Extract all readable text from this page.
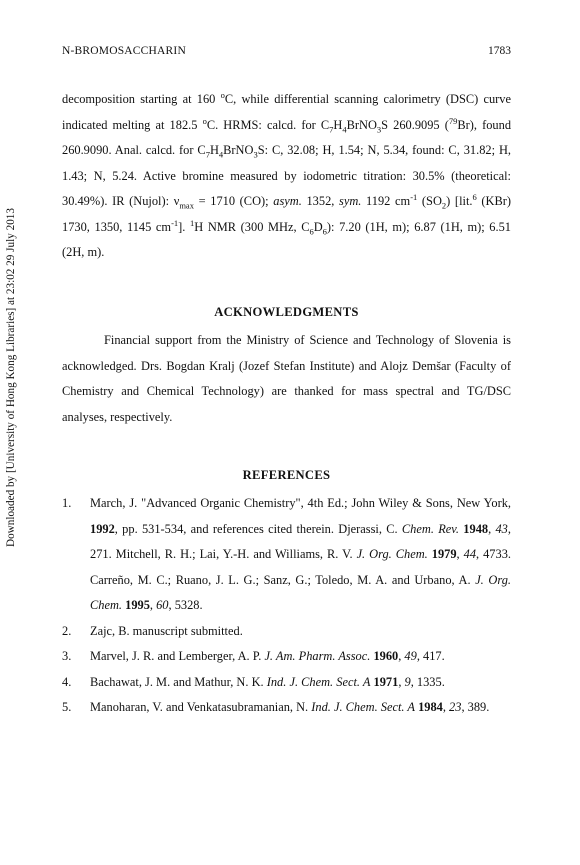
Downloaded by [University of Hong Kong Libraries] at 23:02 29 July 2013
N-BROMOSACCHARIN	1783
decomposition starting at 160 $^o$C, while differential scanning calorimetry (DSC) curve indicated melting at 182.5 $^o$C. HRMS: calcd. for $C_7H_4BrNO_3S$ 260.9095 ($^{79}$Br), found 260.9090. Anal. calcd. for $C_7H_4BrNO_3S$: C, 32.08; H, 1.54; N, 5.34, found: C, 31.82; H, 1.43; N, 5.24. Active bromine measured by iodometric titration: 30.5% (theoretical: 30.49%). IR (Nujol): $\nu_{max} = 1710$ (CO); asym. 1352, sym. 1192 $cm^{-1}$ $(SO_2)$ [lit.$^6$ (KBr) 1730, 1350, 1145 $cm^{-1}$]. $^1$H NMR (300 MHz, $C_6D_6$): 7.20 (1H, m); 6.87 (1H, m); 6.51 (2H, m).
ACKNOWLEDGMENTS
Financial support from the Ministry of Science and Technology of Slovenia is acknowledged. Drs. Bogdan Kralj (Jozef Stefan Institute) and Alojz Demšar (Faculty of Chemistry and Chemical Technology) are thanked for mass spectral and TG/DSC analyses, respectively.
REFERENCES
1. March, J. "Advanced Organic Chemistry", 4th Ed.; John Wiley & Sons, New York, 1992, pp. 531-534, and references cited therein. Djerassi, C. Chem. Rev. 1948, 43, 271. Mitchell, R. H.; Lai, Y.-H. and Williams, R. V. J. Org. Chem. 1979, 44, 4733. Carreño, M. C.; Ruano, J. L. G.; Sanz, G.; Toledo, M. A. and Urbano, A. J. Org. Chem. 1995, 60, 5328.
2. Zajc, B. manuscript submitted.
3. Marvel, J. R. and Lemberger, A. P. J. Am. Pharm. Assoc. 1960, 49, 417.
4. Bachawat, J. M. and Mathur, N. K. Ind. J. Chem. Sect. A 1971, 9, 1335.
5. Manoharan, V. and Venkatasubramanian, N. Ind. J. Chem. Sect. A 1984, 23, 389.
